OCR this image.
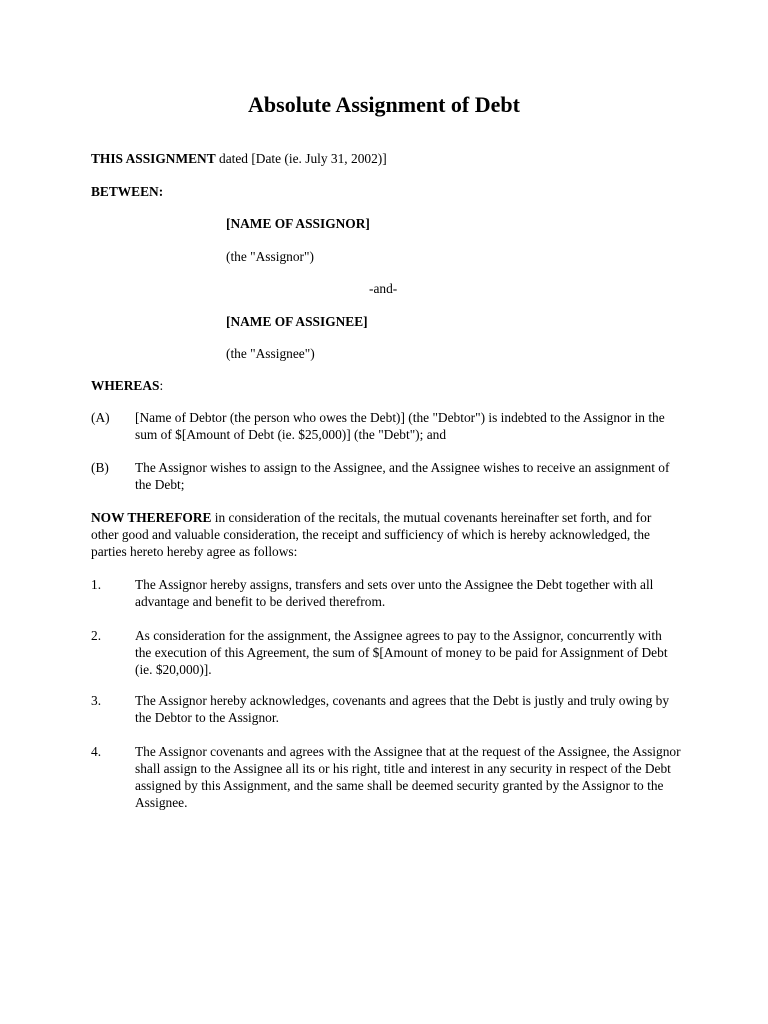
Absolute Assignment of Debt
THIS ASSIGNMENT dated [Date (ie. July 31, 2002)]
BETWEEN:
[NAME OF ASSIGNOR]
(the "Assignor")
-and-
[NAME OF ASSIGNEE]
(the "Assignee")
WHEREAS:
(A) [Name of Debtor (the person who owes the Debt)] (the "Debtor") is indebted to the Assignor in the sum of $[Amount of Debt (ie. $25,000)] (the "Debt"); and
(B) The Assignor wishes to assign to the Assignee, and the Assignee wishes to receive an assignment of the Debt;
NOW THEREFORE in consideration of the recitals, the mutual covenants hereinafter set forth, and for other good and valuable consideration, the receipt and sufficiency of which is hereby acknowledged, the parties hereto hereby agree as follows:
1.	The Assignor hereby assigns, transfers and sets over unto the Assignee the Debt together with all advantage and benefit to be derived therefrom.
2.	As consideration for the assignment, the Assignee agrees to pay to the Assignor, concurrently with the execution of this Agreement, the sum of $[Amount of money to be paid for Assignment of Debt (ie. $20,000)].
3.	The Assignor hereby acknowledges, covenants and agrees that the Debt is justly and truly owing by the Debtor to the Assignor.
4.	The Assignor covenants and agrees with the Assignee that at the request of the Assignee, the Assignor shall assign to the Assignee all its or his right, title and interest in any security in respect of the Debt assigned by this Assignment, and the same shall be deemed security granted by the Assignor to the Assignee.
